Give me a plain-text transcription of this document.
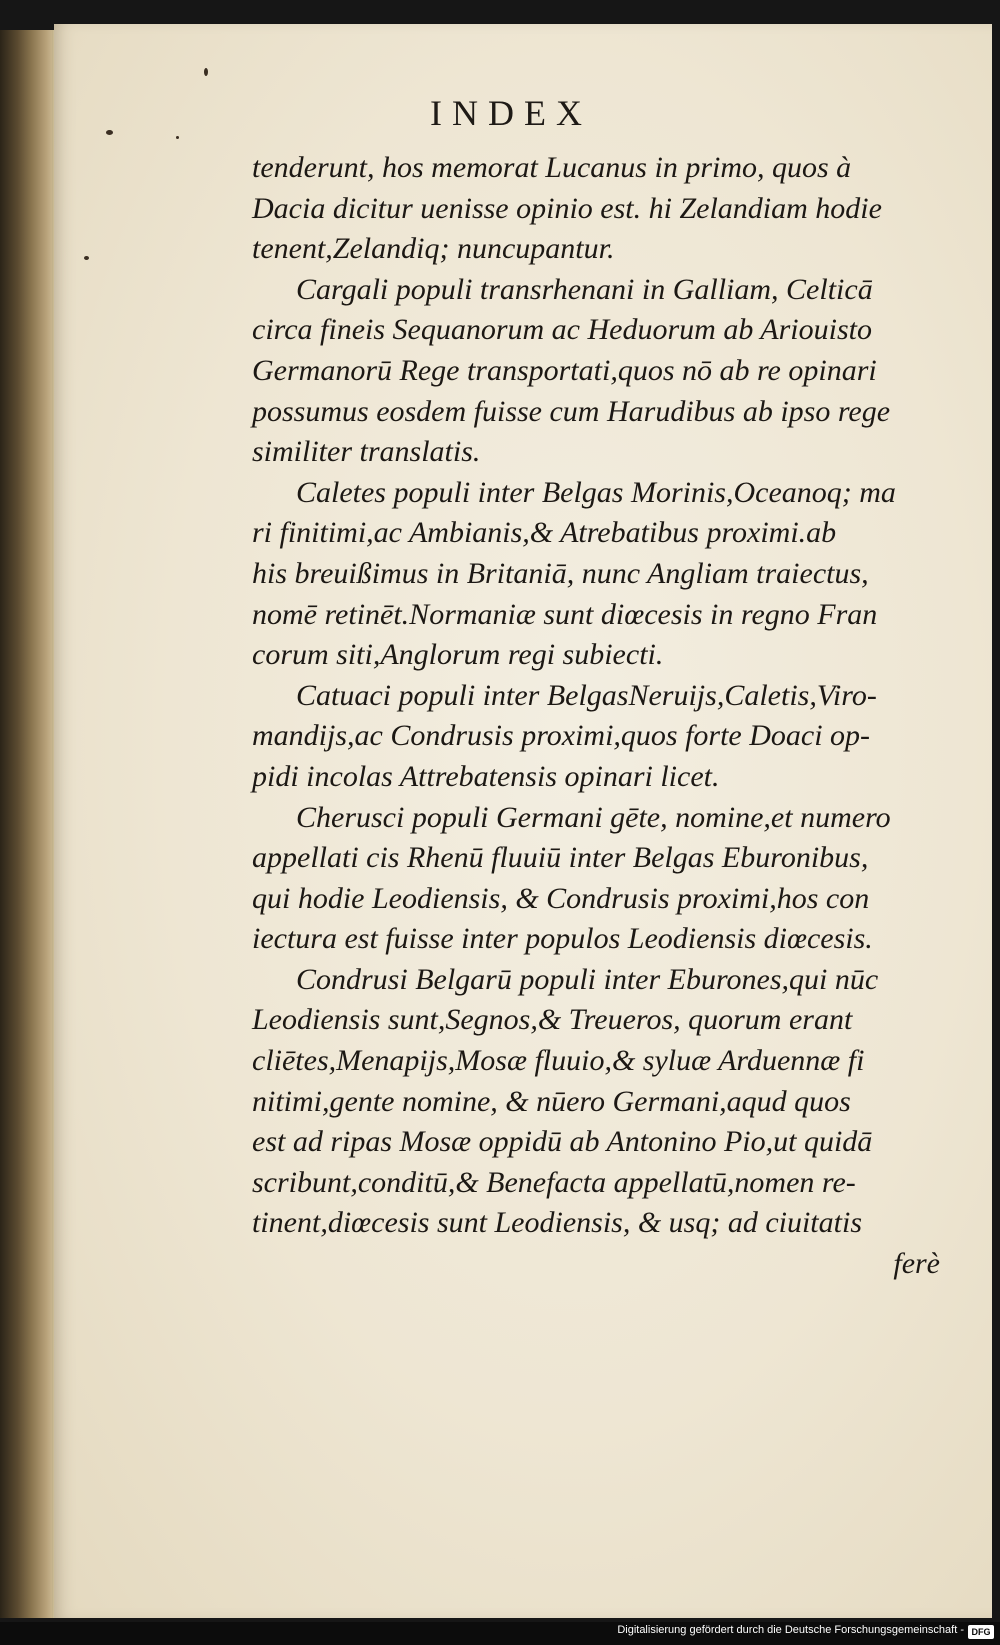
INDEX
tenderunt, hos memorat Lucanus in primo, quos à
Dacia dicitur uenisse opinio est. hi Zelandiam hodie
tenent,Zelandiq; nuncupantur.
Cargali populi transrhenani in Galliam, Celticā
circa fineis Sequanorum ac Heduorum ab Ariouisto
Germanorū Rege transportati,quos nō ab re opinari
possumus eosdem fuisse cum Harudibus ab ipso rege
similiter translatis.
Caletes populi inter Belgas Morinis,Oceanoq; ma
ri finitimi,ac Ambianis,& Atrebatibus proximi.ab
his breuißimus in Britaniā, nunc Angliam traiectus,
nomē retinēt.Normaniæ sunt diœcesis in regno Fran
corum siti,Anglorum regi subiecti.
Catuaci populi inter BelgasNeruijs,Caletis,Viro-
mandijs,ac Condrusis proximi,quos forte Doaci op-
pidi incolas Attrebatensis opinari licet.
Cherusci populi Germani gēte, nomine,et numero
appellati cis Rhenū fluuiū inter Belgas Eburonibus,
qui hodie Leodiensis, & Condrusis proximi,hos con
iectura est fuisse inter populos Leodiensis diœcesis.
Condrusi Belgarū populi inter Eburones,qui nūc
Leodiensis sunt,Segnos,& Treueros, quorum erant
cliētes,Menapijs,Mosæ fluuio,& syluæ Arduennæ fi
nitimi,gente nomine, & nūero Germani,aqud quos
est ad ripas Mosæ oppidū ab Antonino Pio,ut quidā
scribunt,conditū,& Benefacta appellatū,nomen re-
tinent,diœcesis sunt Leodiensis, & usq; ad ciuitatis
ferè
Digitalisierung gefördert durch die Deutsche Forschungsgemeinschaft - DFG
